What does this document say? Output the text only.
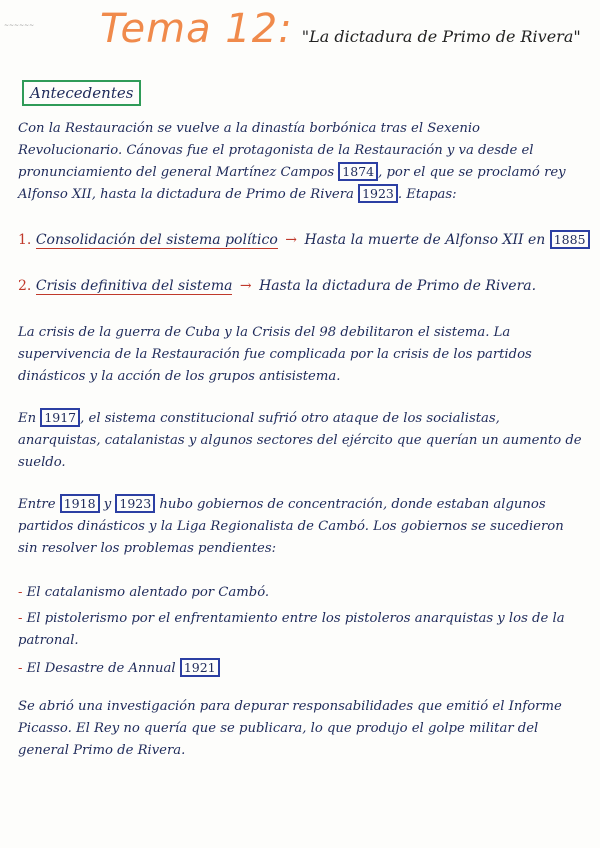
~~~~~~ Tema 12: "La dictadura de Primo de Rivera"
Antecedentes
Con la Restauración se vuelve a la dinastía borbónica tras el Sexenio Revolucionario. Cánovas fue el protagonista de la Restauración y va desde el pronunciamiento del general Martínez Campos 1874 , por el que se proclamó rey Alfonso XII, hasta la dictadura de Primo de Rivera 1923 . Etapas:
1. Consolidación del sistema político → Hasta la muerte de Alfonso XII en 1885
2. Crisis definitiva del sistema → Hasta la dictadura de Primo de Rivera.
La crisis de la guerra de Cuba y la Crisis del 98 debilitaron el sistema. La supervivencia de la Restauración fue complicada por la crisis de los partidos dinásticos y la acción de los grupos antisistema.
En 1917 , el sistema constitucional sufrió otro ataque de los socialistas, anarquistas, catalanistas y algunos sectores del ejército que querían un aumento de sueldo.
Entre 1918 y 1923 hubo gobiernos de concentración, donde estaban algunos partidos dinásticos y la Liga Regionalista de Cambó. Los gobiernos se sucedieron sin resolver los problemas pendientes:
- El catalanismo alentado por Cambó.
- El pistolerismo por el enfrentamiento entre los pistoleros anarquistas y los de la patronal.
- El Desastre de Annual 1921
Se abrió una investigación para depurar responsabilidades que emitió el Informe Picasso. El Rey no quería que se publicara, lo que produjo el golpe militar del general Primo de Rivera.
